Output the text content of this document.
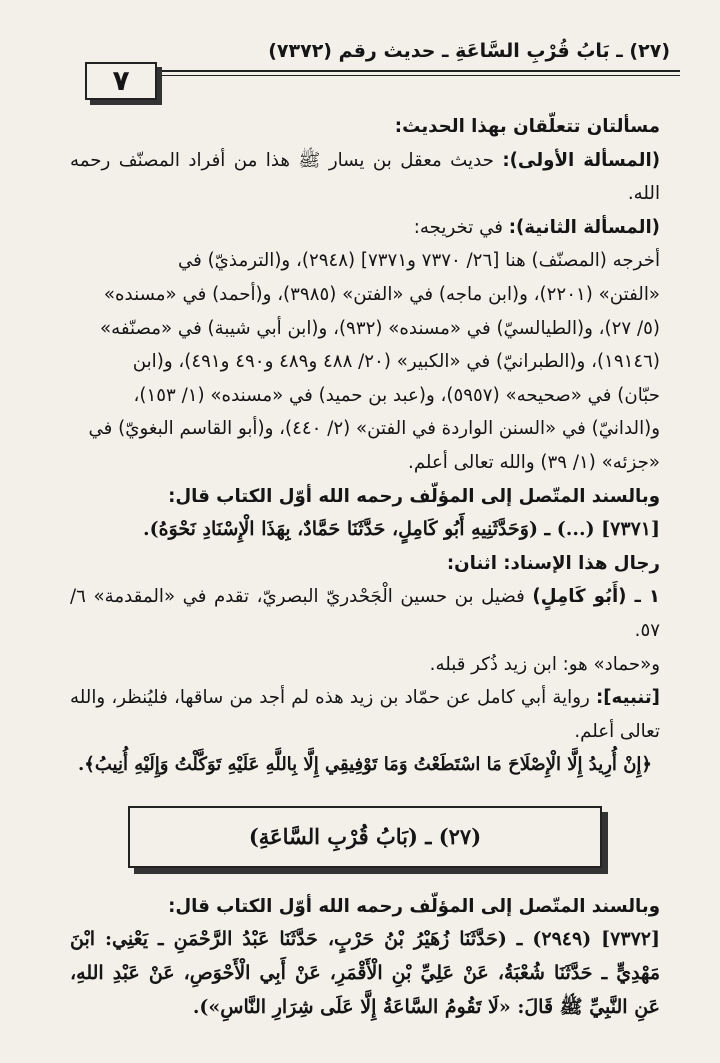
(٢٧) ـ بَابُ قُرْبِ السَّاعَةِ ـ حديث رقم (٧٣٧٢)
٧

مسألتان تتعلّقان بهذا الحديث:

(المسألة الأولى): حديث معقل بن يسار ﷺ هذا من أفراد المصنّف رحمه الله.

(المسألة الثانية): في تخريجه:

أخرجه (المصنّف) هنا [٢٦/ ٧٣٧٠ و٧٣٧١] (٢٩٤٨)، و(الترمذيّ) في

«الفتن» (٢٢٠١)، و(ابن ماجه) في «الفتن» (٣٩٨٥)، و(أحمد) في «مسنده»

(٥/ ٢٧)، و(الطيالسيّ) في «مسنده» (٩٣٢)، و(ابن أبي شيبة) في «مصنّفه»

(١٩١٤٦)، و(الطبرانيّ) في «الكبير» (٢٠/ ٤٨٨ و٤٨٩ و٤٩٠ و٤٩١)، و(ابن

حبّان) في «صحيحه» (٥٩٥٧)، و(عبد بن حميد) في «مسنده» (١/ ١٥٣)،

و(الدانيّ) في «السنن الواردة في الفتن» (٢/ ٤٤٠)، و(أبو القاسم البغويّ) في

«جزئه» (١/ ٣٩) والله تعالى أعلم.

وبالسند المتّصل إلى المؤلّف رحمه الله أوّل الكتاب قال:

[٧٣٧١] (...) ـ (وَحَدَّثَنِيهِ أَبُو كَامِلٍ، حَدَّثَنَا حَمَّادٌ، بِهَذَا الْإِسْنَادِ نَحْوَهُ).

رجال هذا الإسناد: اثنان:

١ ـ (أَبُو كَامِلٍ) فضيل بن حسين الْجَحْدريّ البصريّ، تقدم في «المقدمة» ٦/ ٥٧.

و«حماد» هو: ابن زيد ذُكر قبله.

[تنبيه]: رواية أبي كامل عن حمّاد بن زيد هذه لم أجد من ساقها، فليُنظر، والله تعالى أعلم.

﴿إِنْ أُرِيدُ إِلَّا الْإِصْلَاحَ مَا اسْتَطَعْتُ وَمَا تَوْفِيقِي إِلَّا بِاللَّهِ عَلَيْهِ تَوَكَّلْتُ وَإِلَيْهِ أُنِيبُ﴾.

(٢٧) ـ (بَابُ قُرْبِ السَّاعَةِ)

وبالسند المتّصل إلى المؤلّف رحمه الله أوّل الكتاب قال:

[٧٣٧٢] (٢٩٤٩) ـ (حَدَّثَنَا زُهَيْرُ بْنُ حَرْبٍ، حَدَّثَنَا عَبْدُ الرَّحْمَنِ ـ يَعْنِي: ابْنَ مَهْدِيٍّ ـ حَدَّثَنَا شُعْبَةُ، عَنْ عَلِيِّ بْنِ الْأَقْمَرِ، عَنْ أَبِي الْأَحْوَصِ، عَنْ عَبْدِ اللهِ، عَنِ النَّبِيِّ ﷺ قَالَ: «لَا تَقُومُ السَّاعَةُ إِلَّا عَلَى شِرَارِ النَّاسِ»).
